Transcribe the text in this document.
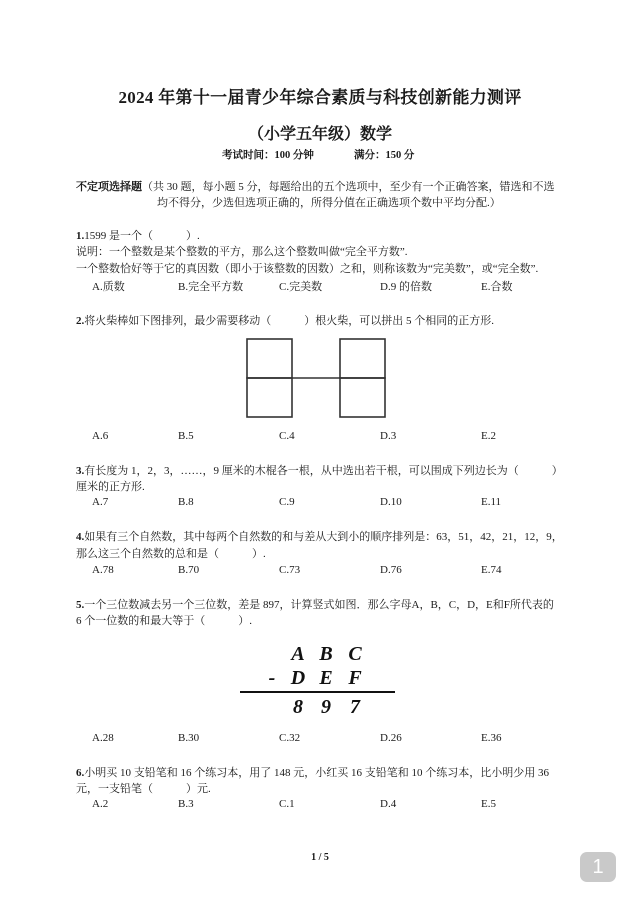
2024 年第十一届青少年综合素质与科技创新能力测评
（小学五年级）数学
考试时间：100 分钟	满分：150 分
不定项选择题（共 30 题，每小题 5 分，每题给出的五个选项中，至少有一个正确答案，错选和不选
均不得分，少选但选项正确的，所得分值在正确选项个数中平均分配.）
1.1599 是一个（　　　）.
说明：一个整数是某个整数的平方，那么这个整数叫做“完全平方数”.
一个整数恰好等于它的真因数（即小于该整数的因数）之和，则称该数为“完美数”，或“完全数”.
A.质数	B.完全平方数	C.完美数	D.9 的倍数	E.合数
2.将火柴棒如下图排列，最少需要移动（　　　）根火柴，可以拼出 5 个相同的正方形.
A.6	B.5	C.4	D.3	E.2
3.有长度为 1，2，3，……，9 厘米的木棍各一根，从中选出若干根，可以围成下列边长为（　　　）
厘米的正方形.
A.7	B.8	C.9	D.10	E.11
4.如果有三个自然数，其中每两个自然数的和与差从大到小的顺序排列是：63，51，42，21，12，9，
那么这三个自然数的总和是（　　　）.
A.78	B.70	C.73	D.76	E.74
5.一个三位数减去另一个三位数，差是 897，计算竖式如图．那么字母A，B，C，D，E和F所代表的
6 个一位数的和最大等于（　　　）.
A B C
- D E F
8 9 7
A.28	B.30	C.32	D.26	E.36
6.小明买 10 支铅笔和 16 个练习本，用了 148 元，小红买 16 支铅笔和 10 个练习本，比小明少用 36
元，一支铅笔（　　　）元.
A.2	B.3	C.1	D.4	E.5
1 / 5	1
